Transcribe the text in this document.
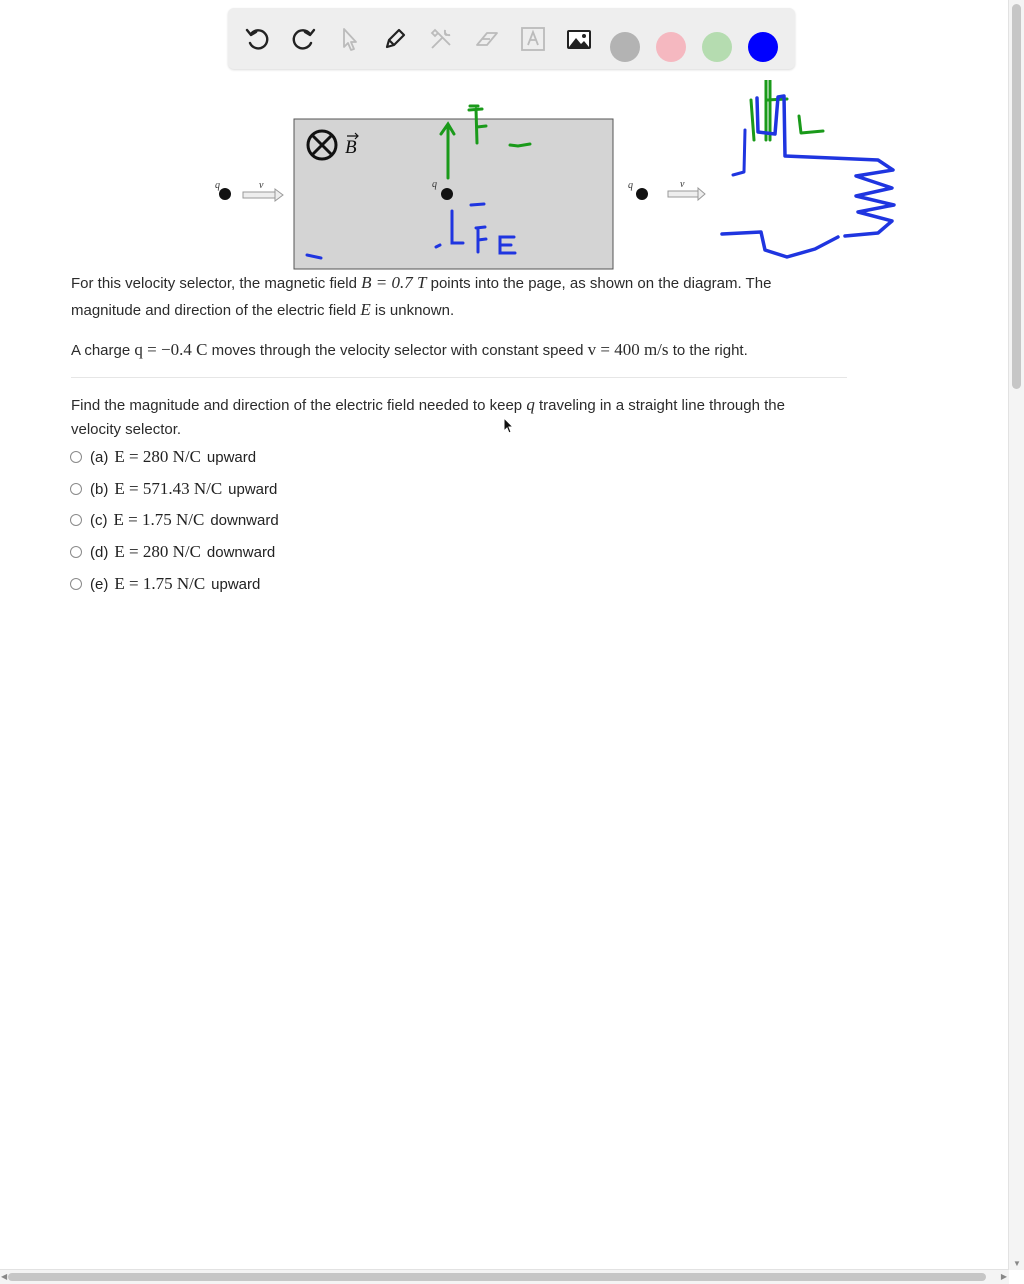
B
q	v	q	q	v
For this velocity selector, the magnetic field B = 0.7 T points into the page, as shown on the diagram. The
magnitude and direction of the electric field E is unknown.
A charge q = −0.4 C moves through the velocity selector with constant speed v = 400 m/s to the right.
Find the magnitude and direction of the electric field needed to keep q traveling in a straight line through the
velocity selector.
(a) E = 280 N/C upward
(b) E = 571.43 N/C upward
(c) E = 1.75 N/C downward
(d) E = 280 N/C downward
(e) E = 1.75 N/C upward
▼
◀	▶
